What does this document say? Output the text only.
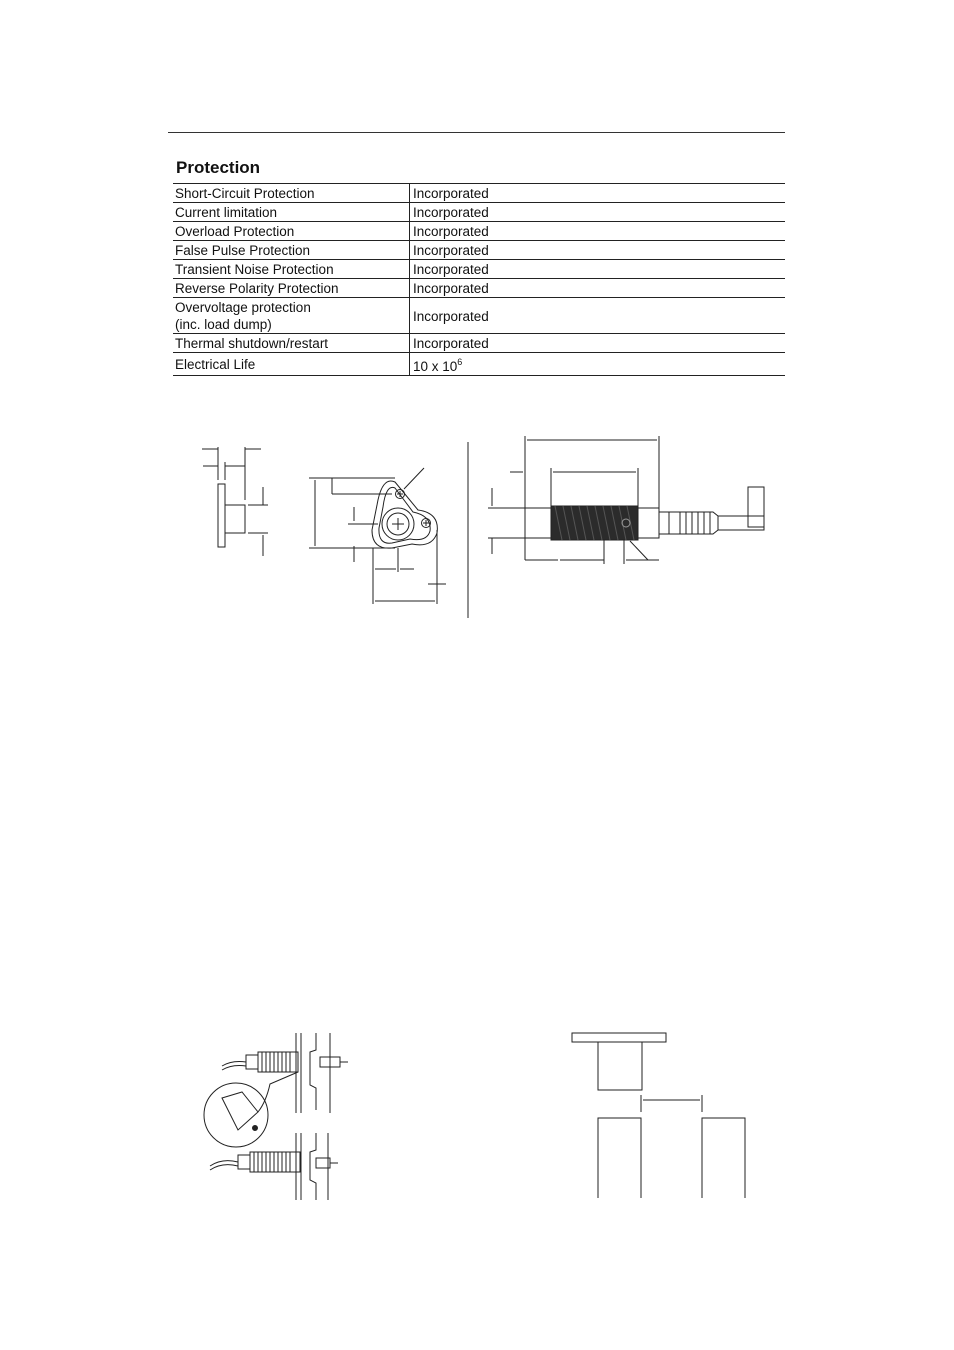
Protection
Short-Circuit Protection	Incorporated
Current limitation	Incorporated
Overload Protection	Incorporated
False Pulse Protection	Incorporated
Transient Noise Protection	Incorporated
Reverse Polarity Protection	Incorporated
Overvoltage protection
(inc. load dump)	Incorporated
Thermal shutdown/restart	Incorporated
Electrical Life	10 x $10^6$
